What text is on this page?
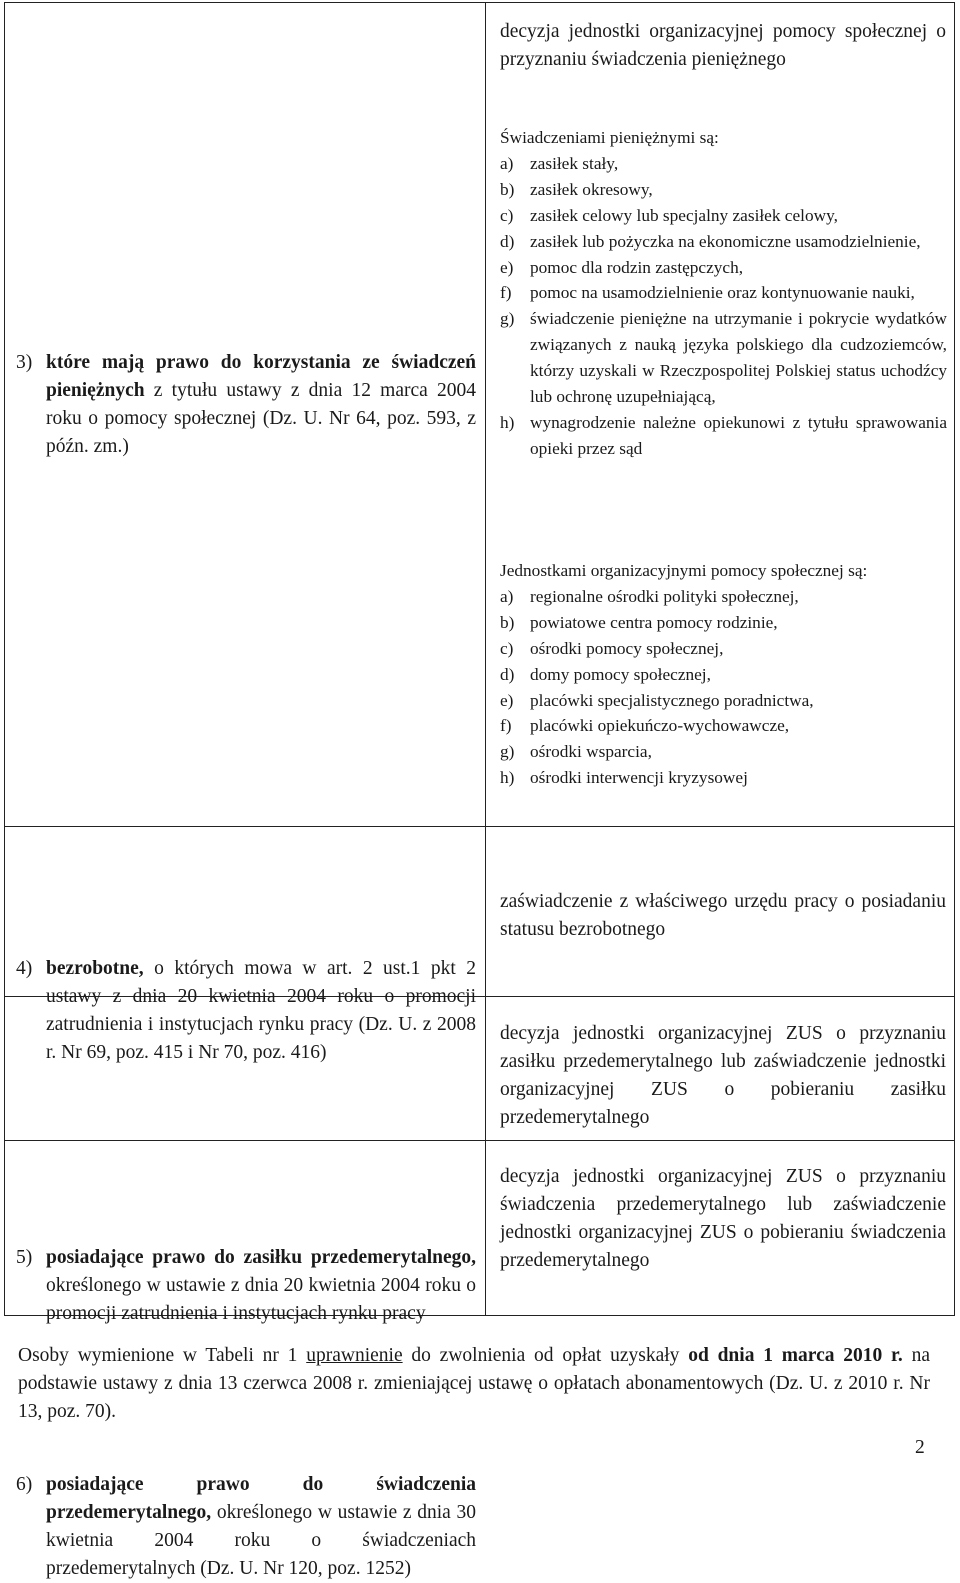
3) które mają prawo do korzystania ze świadczeń pieniężnych z tytułu ustawy z dnia 12 marca 2004 roku o pomocy społecznej (Dz. U. Nr 64, poz. 593, z późn. zm.)
decyzja jednostki organizacyjnej pomocy społecznej o przyznaniu świadczenia pieniężnego
Świadczeniami pieniężnymi są:
a) zasiłek stały,
b) zasiłek okresowy,
c) zasiłek celowy lub specjalny zasiłek celowy,
d) zasiłek lub pożyczka na ekonomiczne usamodzielnienie,
e) pomoc dla rodzin zastępczych,
f) pomoc na usamodzielnienie oraz kontynuowanie nauki,
g) świadczenie pieniężne na utrzymanie i pokrycie wydatków związanych z nauką języka polskiego dla cudzoziemców, którzy uzyskali w Rzeczpospolitej Polskiej status uchodźcy lub ochronę uzupełniającą,
h) wynagrodzenie należne opiekunowi z tytułu sprawowania opieki przez sąd
Jednostkami organizacyjnymi pomocy społecznej są:
a) regionalne ośrodki polityki społecznej,
b) powiatowe centra pomocy rodzinie,
c) ośrodki pomocy społecznej,
d) domy pomocy społecznej,
e) placówki specjalistycznego poradnictwa,
f) placówki opiekuńczo-wychowawcze,
g) ośrodki wsparcia,
h) ośrodki interwencji kryzysowej
4) bezrobotne, o których mowa w art. 2 ust.1 pkt 2 ustawy z dnia 20 kwietnia 2004 roku o promocji zatrudnienia i instytucjach rynku pracy (Dz. U. z 2008 r. Nr 69, poz. 415 i Nr 70, poz. 416)
zaświadczenie z właściwego urzędu pracy o posiadaniu statusu bezrobotnego
5) posiadające prawo do zasiłku przedemerytalnego, określonego w ustawie z dnia 20 kwietnia 2004 roku o promocji zatrudnienia i instytucjach rynku pracy
decyzja jednostki organizacyjnej ZUS o przyznaniu zasiłku przedemerytalnego lub zaświadczenie jednostki organizacyjnej ZUS o pobieraniu zasiłku przedemerytalnego
6) posiadające prawo do świadczenia przedemerytalnego, określonego w ustawie z dnia 30 kwietnia 2004 roku o świadczeniach przedemerytalnych (Dz. U. Nr 120, poz. 1252)
decyzja jednostki organizacyjnej ZUS o przyznaniu świadczenia przedemerytalnego lub zaświadczenie jednostki organizacyjnej ZUS o pobieraniu świadczenia przedemerytalnego
Osoby wymienione w Tabeli nr 1 uprawnienie do zwolnienia od opłat uzyskały od dnia 1 marca 2010 r. na podstawie ustawy z dnia 13 czerwca 2008 r. zmieniającej ustawę o opłatach abonamentowych (Dz. U. z 2010 r. Nr 13, poz. 70).
2
